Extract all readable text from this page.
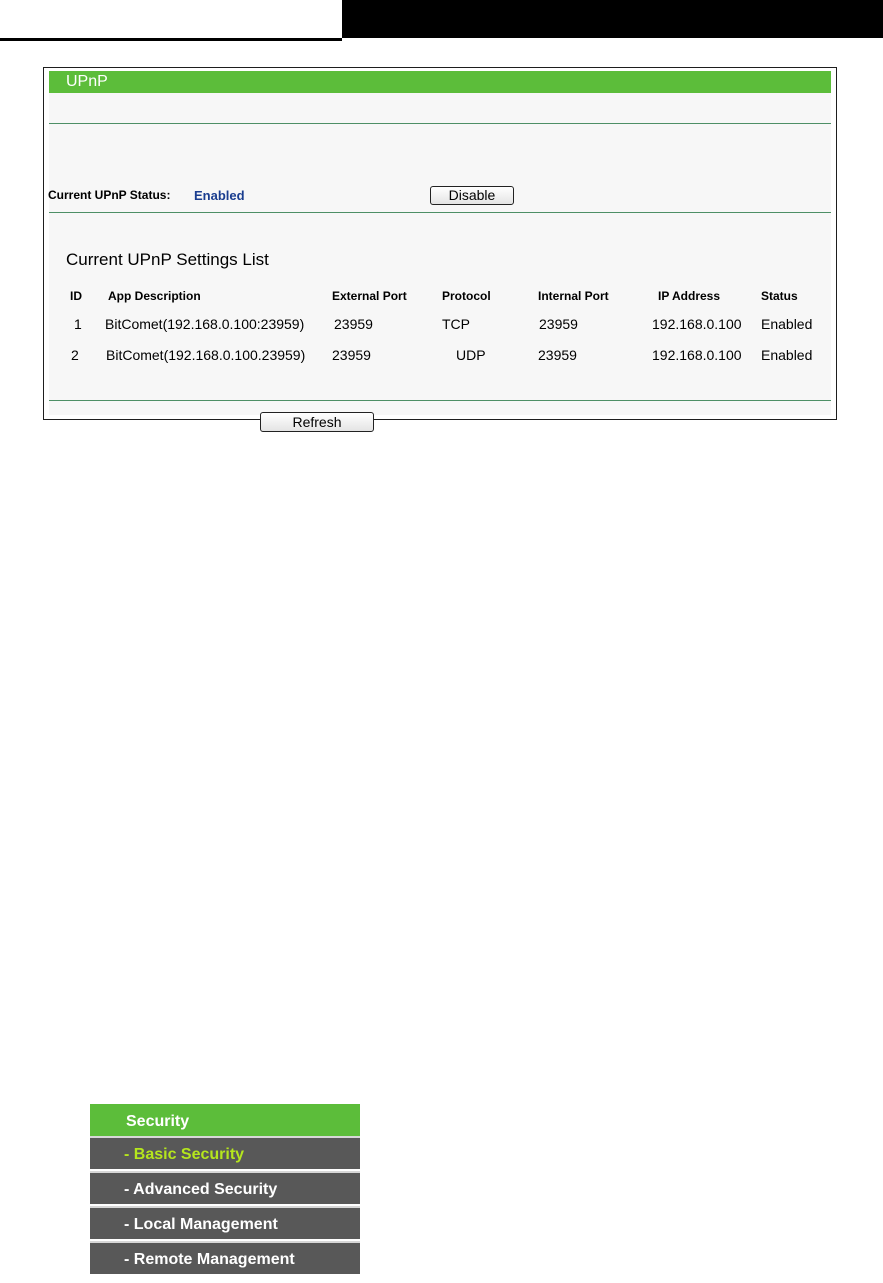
UPnP
Current UPnP Status: Enabled	Disable
Current UPnP Settings List
ID App Description	External Port	Protocol	Internal Port	IP Address	Status
1 BitComet(192.168.0.100:23959) 23959	TCP	23959	192.168.0.100 Enabled
2 BitComet(192.168.0.100.23959) 23959	UDP	23959	192.168.0.100 Enabled
Refresh
Security
- Basic Security
- Advanced Security
- Local Management
- Remote Management
